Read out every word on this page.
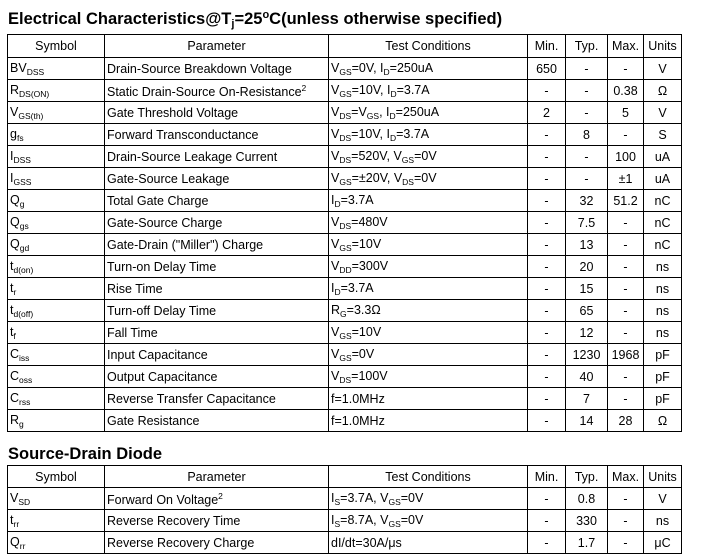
Electrical $Characteristics@Tj=25^oC(unless$ otherwise specified)
Symbol	Parameter	Test Conditions	Min.	Typ.	Max.	Units
$BV_{DSS}$	Drain-Source Breakdown Voltage	$V_{GS}=0V$, $I_D=250uA$	650	-	-	V
$R_{DS(ON)}$	Static Drain-Source On-Resistance$^2$	$V_{GS}=10V$, $I_D=3.7A$	-	-	0.38	Ω
$V_{GS(th)}$	Gate Threshold Voltage	$V_{DS}=V_{GS}$, $I_D=250uA$	2	-	5	V
$g_{fs}$	Forward Transconductance	$V_{DS}=10V$, $I_D=3.7A$	-	8	-	S
$I_{DSS}$	Drain-Source Leakage Current	$V_{DS}=520V$, $V_{GS}=0V$	-	-	100	uA
$I_{GSS}$	Gate-Source Leakage	$V_{GS}=\pm 20V$, $V_{DS}=0V$	-	-	±1	uA
$Q_g$	Total Gate Charge	$I_D=3.7A$	-	32	51.2	nC
$Q_{gs}$	Gate-Source Charge	$V_{DS}=480V$	-	7.5	-	nC
$Q_{gd}$	Gate-Drain ("Miller") Charge	$V_{GS}=10V$	-	13	-	nC
$t_{d(on)}$	Turn-on Delay Time	$V_{DD}=300V$	-	20	-	ns
$t_r$	Rise Time	$I_D=3.7A$	-	15	-	ns
$t_{d(off)}$	Turn-off Delay Time	$R_G=3.3\Omega$	-	65	-	ns
$t_f$	Fall Time	$V_{GS}=10V$	-	12	-	ns
$C_{iss}$	Input Capacitance	$V_{GS}=0V$	-	1230	1968	pF
$C_{oss}$	Output Capacitance	$V_{DS}=100V$	-	40	-	pF
$C_{rss}$	Reverse Transfer Capacitance	f=1.0MHz	-	7	-	pF
$R_g$	Gate Resistance	f=1.0MHz	-	14	28	Ω
Source-Drain Diode
Symbol	Parameter	Test Conditions	Min.	Typ.	Max.	Units
$V_{SD}$	Forward On Voltage$^2$	$I_S=3.7A$, $V_{GS}=0V$	-	0.8	-	V
$t_{rr}$	Reverse Recovery Time	$I_S=8.7A$, $V_{GS}=0V$	-	330	-	ns
$Q_{rr}$	Reverse Recovery Charge	dI/dt=30A/μs	-	1.7	-	μC
